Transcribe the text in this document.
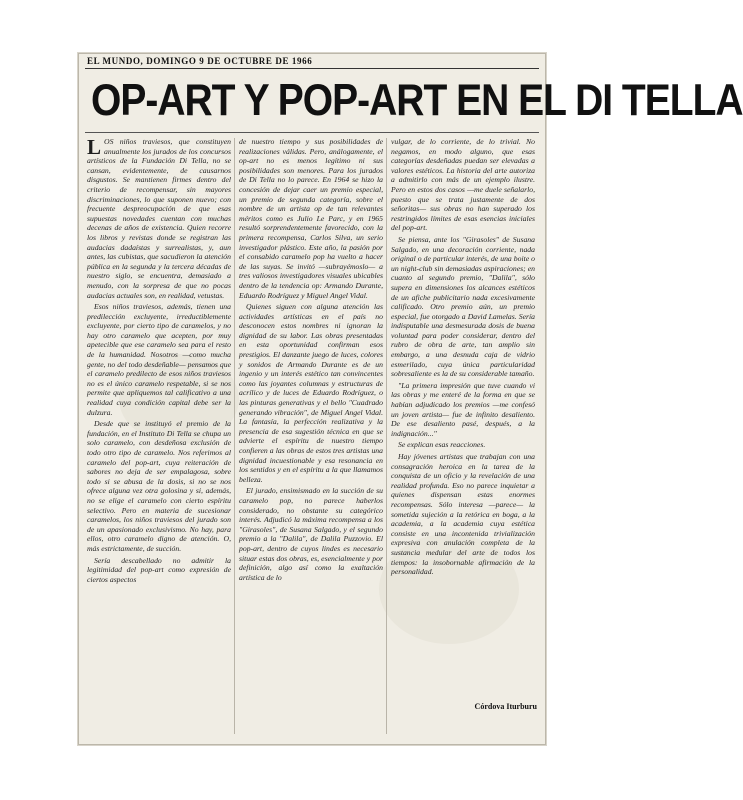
EL MUNDO, DOMINGO 9 DE OCTUBRE DE 1966
OP-ART Y POP-ART EN EL DI TELLA

LOS niños traviesos, que constituyen anualmente los jurados de los concursos artísticos de la Fundación Di Tella, no se cansan, evidentemente, de causarnos disgustos. Se mantienen firmes dentro del criterio de recompensar, sin mayores discriminaciones, lo que suponen nuevo; con frecuente despreocupación de que esas supuestas novedades cuentan con muchas decenas de años de existencia. Quien recorre los libros y revistas donde se registran las audacias dadaístas y surrealistas, y, aun antes, las cubistas, que sacudieron la atención pública en la segunda y la tercera décadas de nuestro siglo, se encuentra, demasiado a menudo, con la sorpresa de que no pocas audacias actuales son, en realidad, vetustas.

Esos niños traviesos, además, tienen una predilección excluyente, irreductiblemente excluyente, por cierto tipo de caramelos, y no hay otro caramelo que acepten, por muy apetecible que ese caramelo sea para el resto de la humanidad. Nosotros —como mucha gente, no del todo desdeñable— pensamos que el caramelo predilecto de esos niños traviesos no es el único caramelo respetable, si se nos permite que apliquemos tal calificativo a una realidad cuya condición capital debe ser la dulzura.

Desde que se instituyó el premio de la fundación, en el Instituto Di Tella se chupa un solo caramelo, con desdeñosa exclusión de todo otro tipo de caramelo. Nos referimos al caramelo del pop-art, cuya reiteración de sabores no deja de ser empalagosa, sobre todo si se abusa de la dosis, si no se nos ofrece alguna vez otra golosina y si, además, no se elige el caramelo con cierto espíritu selectivo. Pero en materia de sucesionar caramelos, los niños traviesos del jurado son de un apasionado exclusivismo. No hay, para ellos, otro caramelo digno de atención. O, más estrictamente, de succión.

Sería descabellado no admitir la legitimidad del pop-art como expresión de ciertos aspectos

de nuestro tiempo y sus posibilidades de realizaciones válidas. Pero, análogamente, el op-art no es menos legítimo ni sus posibilidades son menores. Para los jurados de Di Tella no lo parece. En 1964 se hizo la concesión de dejar caer un premio especial, un premio de segunda categoría, sobre el nombre de un artista op de tan relevantes méritos como es Julio Le Parc, y en 1965 resultó sorprendentemente favorecido, con la primera recompensa, Carlos Silva, un serio investigador plástico. Este año, la pasión por el consabido caramelo pop ha vuelto a hacer de las suyas. Se invitó —subrayémoslo— a tres valiosos investigadores visuales ubicables dentro de la tendencia op: Armando Durante, Eduardo Rodríguez y Miguel Angel Vidal.

Quienes siguen con alguna atención las actividades artísticas en el país no desconocen estos nombres ni ignoran la dignidad de su labor. Las obras presentadas en esta oportunidad confirman esos prestigios. El danzante juego de luces, colores y sonidos de Armando Durante es de un ingenio y un interés estético tan convincentes como las joyantes columnas y estructuras de acrílico y de luces de Eduardo Rodríguez, o las pinturas generativas y el bello "Cuadrado generando vibración", de Miguel Angel Vidal. La fantasía, la perfección realizativa y la presencia de esa sugestión técnica en que se advierte el espíritu de nuestro tiempo confieren a las obras de estos tres artistas una dignidad incuestionable y esa resonancia en los sentidos y en el espíritu a la que llamamos belleza.

El jurado, ensimismado en la succión de su caramelo pop, no parece haberlos considerado, no obstante su categórico interés. Adjudicó la máxima recompensa a los "Girasoles", de Susana Salgado, y el segundo premio a la "Dalila", de Dalila Puzzovio. El pop-art, dentro de cuyos lindes es necesario situar estas dos obras, es, esencialmente y por definición, algo así como la exaltación artística de lo

vulgar, de lo corriente, de lo trivial. No negamos, en modo alguno, que esas categorías desdeñadas puedan ser elevadas a valores estéticos. La historia del arte autoriza a admitirlo con más de un ejemplo ilustre. Pero en estos dos casos —me duele señalarlo, puesto que se trata justamente de dos señoritas— sus obras no han superado los restringidos límites de esas esencias iniciales del pop-art.

Se piensa, ante los "Girasoles" de Susana Salgado, en una decoración corriente, nada original o de particular interés, de una boite o un night-club sin demasiadas aspiraciones; en cuanto al segundo premio, "Dalila", sólo supera en dimensiones los alcances estéticos de un afiche publicitario nada excesivamente calificado. Otro premio aún, un premio especial, fue otorgado a David Lamelas. Sería indisputable una desmesurada dosis de buena voluntad para poder considerar, dentro del rubro de obra de arte, tan amplio sin embargo, a una desnuda caja de vidrio esmerilado, cuya única particularidad sobresaliente es la de su considerable tamaño.

"La primera impresión que tuve cuando vi las obras y me enteré de la forma en que se habían adjudicado los premios —me confesó un joven artista— fue de infinito desaliento. De ese desaliento pasé, después, a la indignación..."

Se explican esas reacciones.

Hay jóvenes artistas que trabajan con una consagración heroica en la tarea de la conquista de un oficio y la revelación de una realidad profunda. Eso no parece inquietar a quienes dispensan estas enormes recompensas. Sólo interesa —parece— la sometida sujeción a la retórica en boga, a la academia, a la academia cuya estética consiste en una incontenida trivialización expresiva con anulación completa de la sustancia medular del arte de todos los tiempos: la insobornable afirmación de la personalidad.

Córdova Iturburu
